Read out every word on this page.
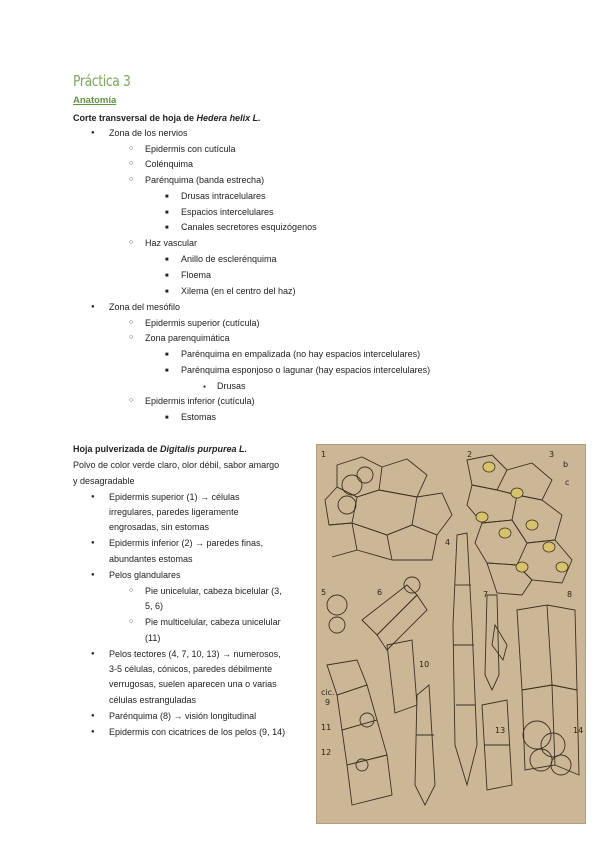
Práctica 3
Anatomía
Corte transversal de hoja de Hedera helix L.
● Zona de los nervios
○ Epidermis con cutícula
○ Colénquima
○ Parénquima (banda estrecha)
■ Drusas intracelulares
■ Espacios intercelulares
■ Canales secretores esquizógenos
○ Haz vascular
■ Anillo de esclerénquima
■ Floema
■ Xilema (en el centro del haz)
● Zona del mesófilo
○ Epidermis superior (cutícula)
○ Zona parenquimática
■ Parénquima en empalizada (no hay espacios intercelulares)
■ Parénquima esponjoso o lagunar (hay espacios intercelulares)
● Drusas
○ Epidermis inferior (cutícula)
■ Estomas
Hoja pulverizada de Digitalis purpurea L.
Polvo de color verde claro, olor débil, sabor amargo
y desagradable
● Epidermis superior (1) → células
irregulares, paredes ligeramente
engrosadas, sin estomas
● Epidermis inferior (2) → paredes finas,
abundantes estomas
● Pelos glandulares
○ Pie unicelular, cabeza bicelular (3,
5, 6)
○ Pie multicelular, cabeza unicelular
(11)
● Pelos tectores (4, 7, 10, 13) → numerosos,
3-5 células, cónicos, paredes débilmente
verrugosas, suelen aparecen una o varias
células estranguladas
● Parénquima (8) → visión longitudinal
● Epidermis con cicatrices de los pelos (9, 14)
1	2	3
4
5	6	7	8
9
10
11
12
13	14
b
c
cic.
